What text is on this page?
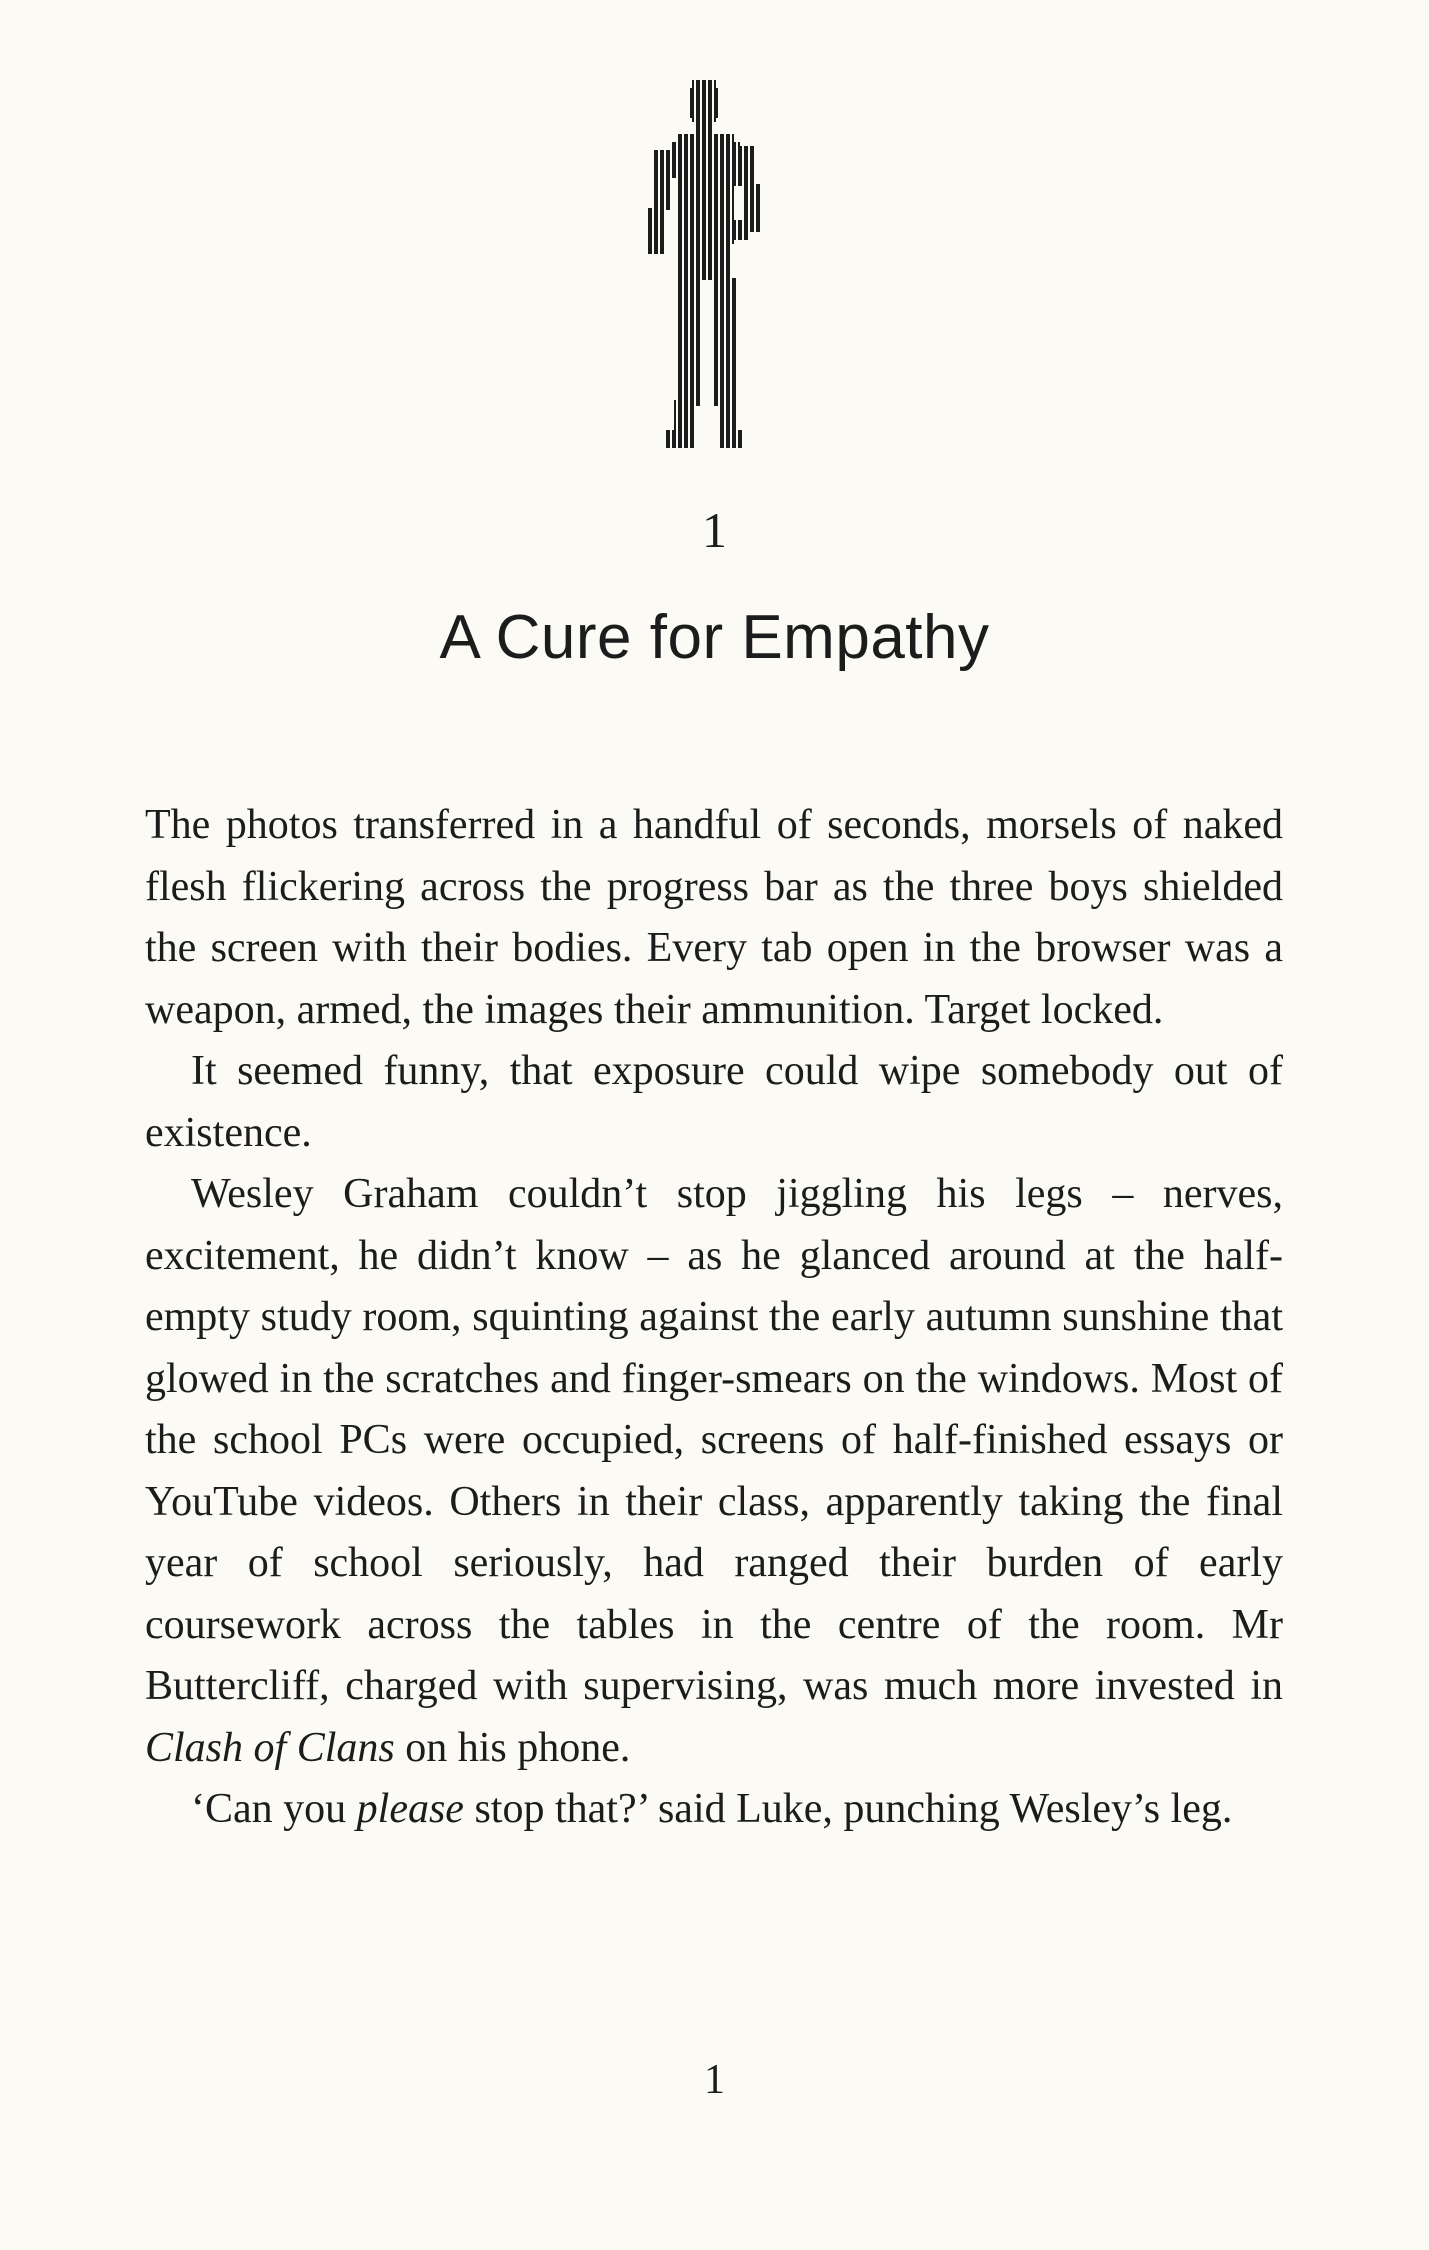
1
A Cure for Empathy

The photos transferred in a handful of seconds, morsels of naked flesh flickering across the progress bar as the three boys shielded the screen with their bodies. Every tab open in the browser was a weapon, armed, the images their ammunition. Target locked.

It seemed funny, that exposure could wipe somebody out of existence.

Wesley Graham couldn’t stop jiggling his legs – nerves, excitement, he didn’t know – as he glanced around at the half-empty study room, squinting against the early autumn sunshine that glowed in the scratches and finger-smears on the windows. Most of the school PCs were occupied, screens of half-finished essays or YouTube videos. Others in their class, apparently taking the final year of school seriously, had ranged their burden of early coursework across the tables in the centre of the room. Mr Buttercliff, charged with supervising, was much more invested in Clash of Clans on his phone.

‘Can you please stop that?’ said Luke, punching Wesley’s leg.

1
